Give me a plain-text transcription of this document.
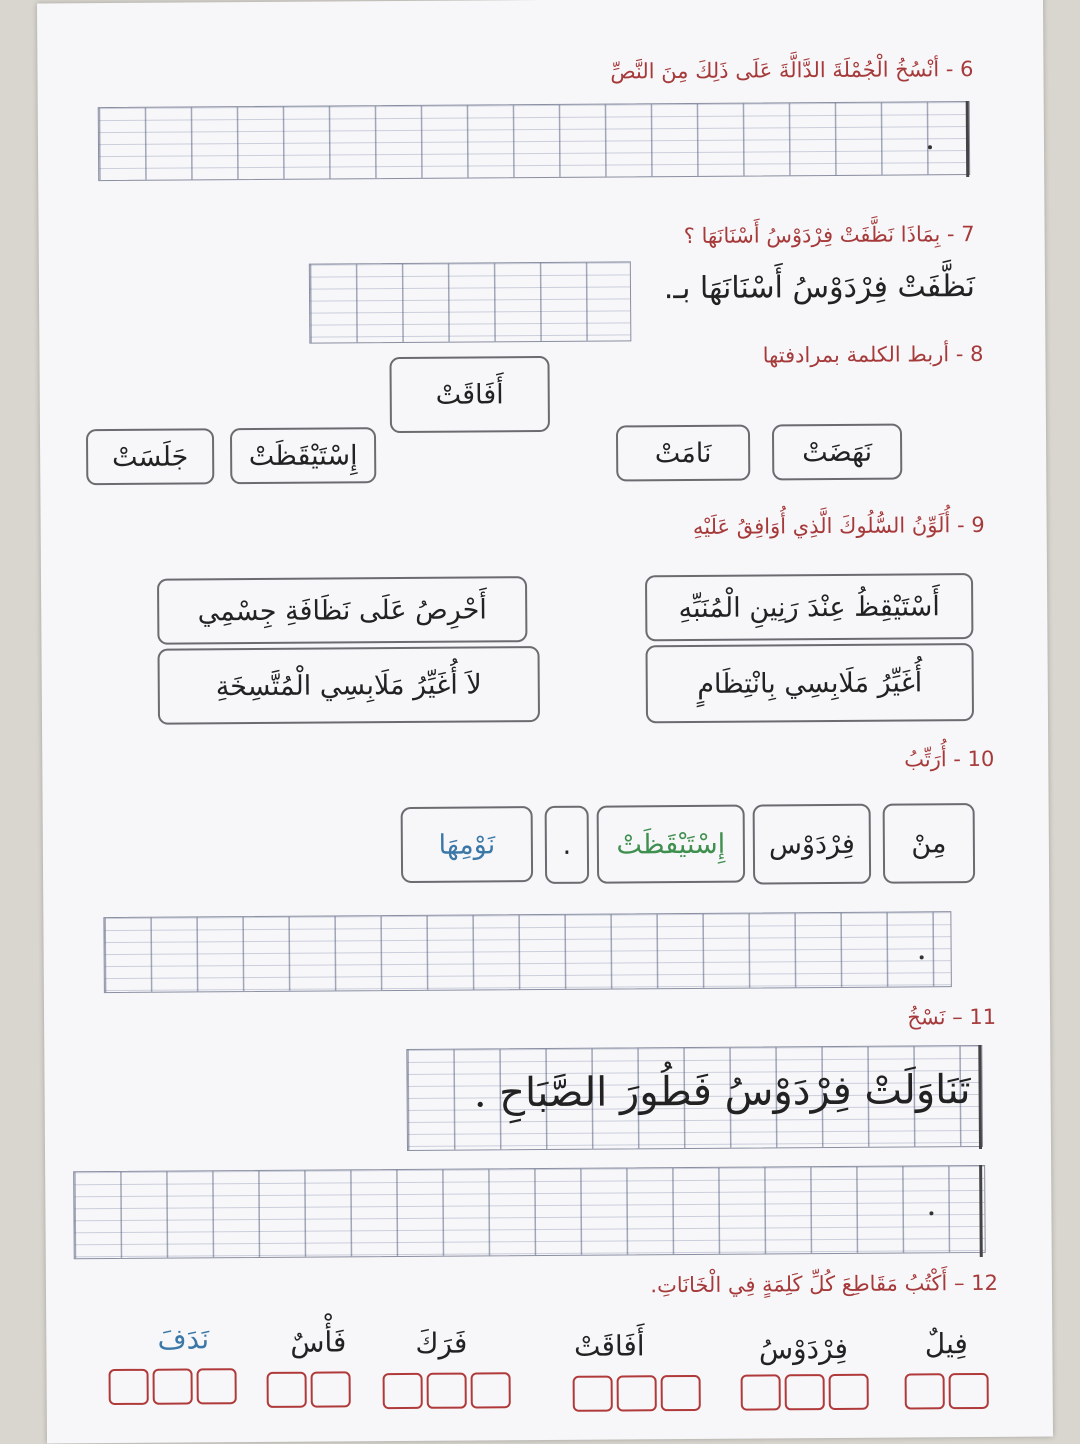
6 - أنْسُخُ الْجُمْلَةَ الدَّالَّةَ عَلَى ذَلِكَ مِنَ النَّصِّ
7 - بِمَاذَا نَظَّفَتْ فِرْدَوْسُ أَسْنَانَهَا ؟
نَظَّفَتْ فِرْدَوْسُ أَسْنَانَهَا بـ.
8 - أربط الكلمة بمرادفتها
أَفَاقَتْ
نَهَضَتْ
نَامَتْ
إِسْتَيْقَظَتْ
جَلَسَتْ
9 - أُلَوِّنُ السُّلُوكَ الَّذِي أُوَافِقُ عَلَيْهِ
أَسْتَيْقِظُ عِنْدَ رَنِينِ الْمُنَبِّهِ
أَحْرِصُ عَلَى نَظَافَةِ جِسْمِي
أُغَيِّرُ مَلَابِسِي بِانْتِظَامٍ
لاَ أُغَيِّرُ مَلَابِسِي الْمُتَّسِخَةِ
10 - أُرَتِّبُ
مِنْ
فِرْدَوْس
إِسْتَيْقَظَتْ
.
نَوْمِهَا
11 – نَسْخُ
تَنَاوَلَتْ فِرْدَوْسُ فَطُورَ الصَّبَاحِ .
12 – أَكْتُبُ مَقَاطِعَ كُلِّ كَلِمَةٍ فِي الْخَانَاتِ.
فِيلٌ
فِرْدَوْسُ
أَفَاقَتْ
فَرَكَ
فَأْسٌ
نَدَفَ
